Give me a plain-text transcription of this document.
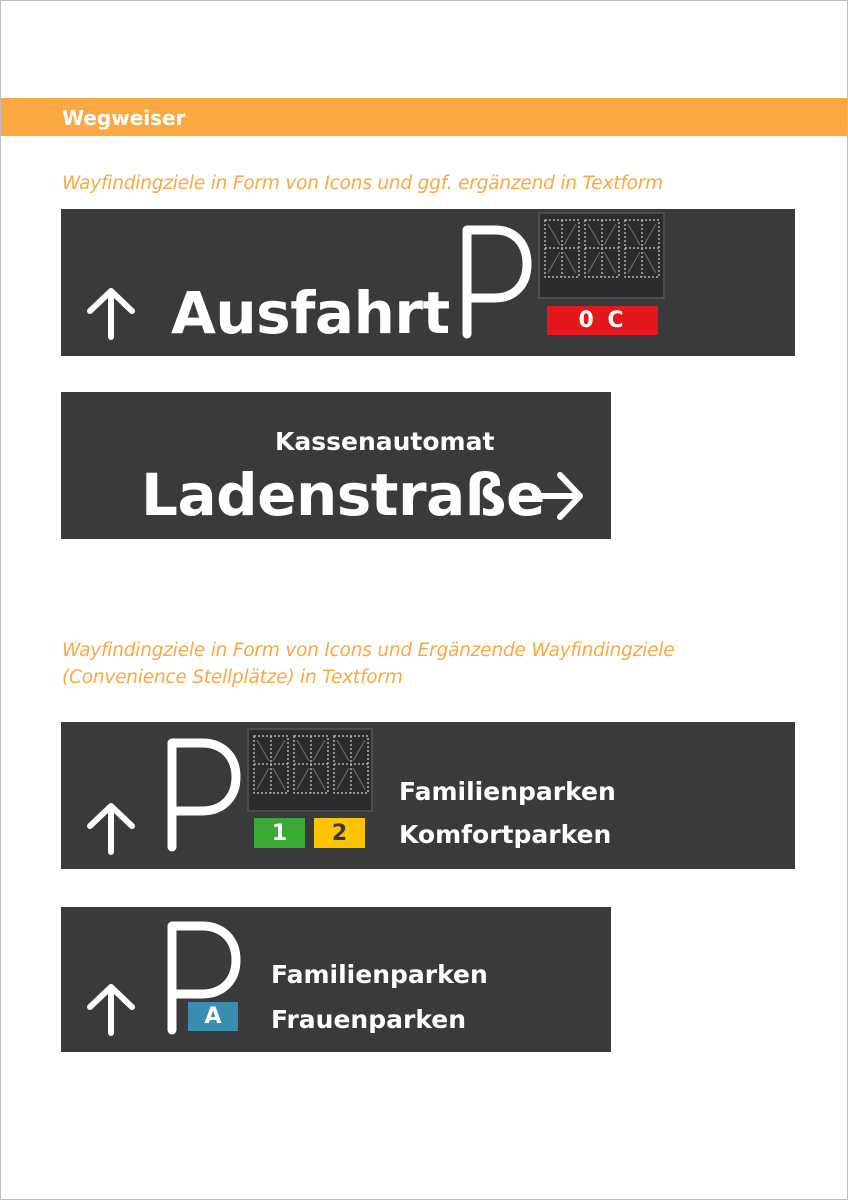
Wegweiser
Wayfindingziele in Form von Icons und ggf. ergänzend in Textform
Ausfahrt	0 C
Kassenautomat
Ladenstraße
Wayfindingziele in Form von Icons und Ergänzende Wayfindingziele
(Convenience Stellplätze) in Textform
1	2
Familienparken
Komfortparken
A
Familienparken
Frauenparken
